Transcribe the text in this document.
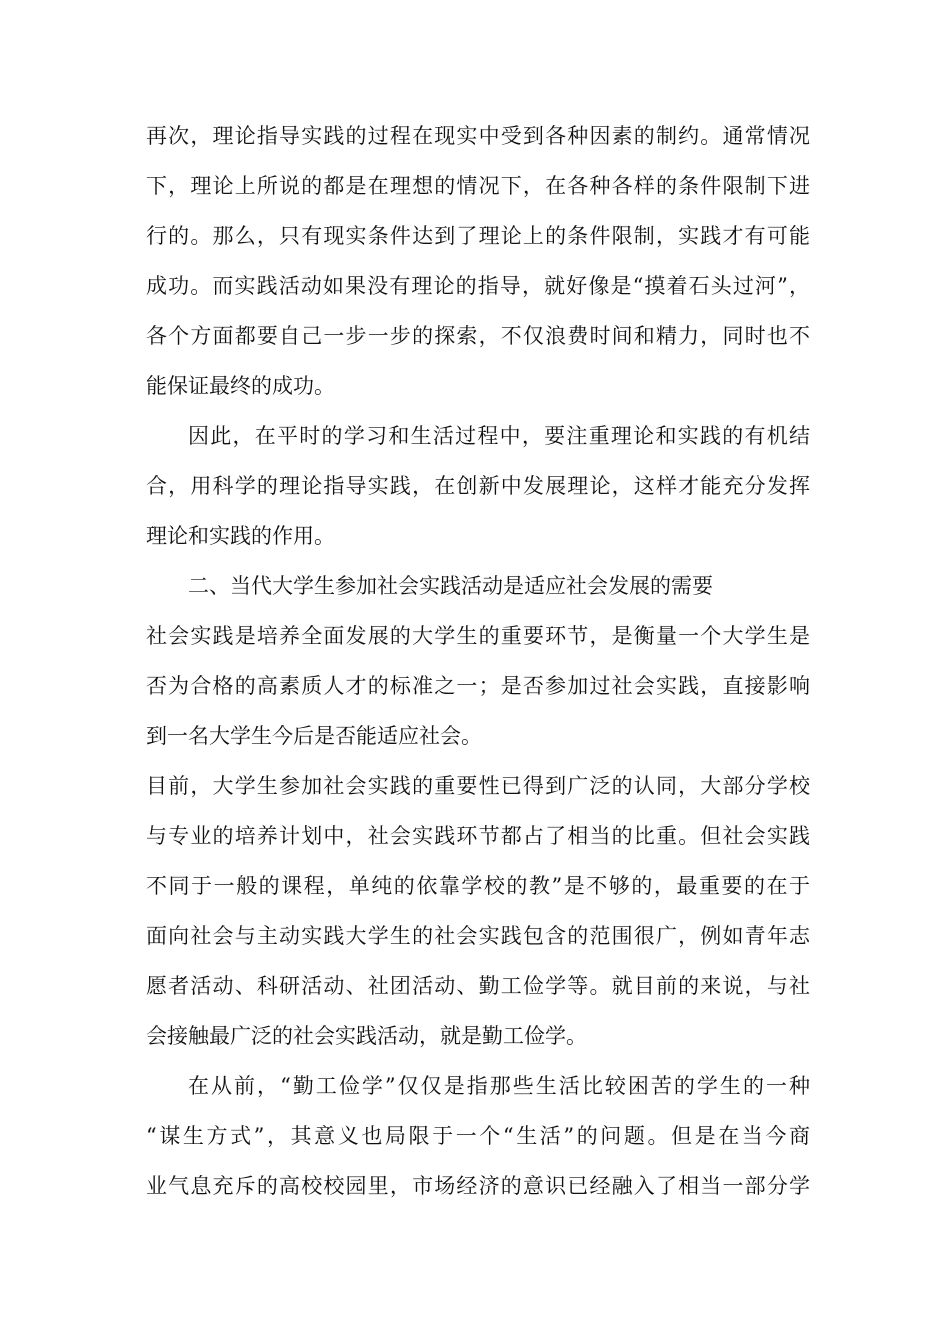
再次，理论指导实践的过程在现实中受到各种因素的制约。通常情况
下，理论上所说的都是在理想的情况下，在各种各样的条件限制下进
行的。那么，只有现实条件达到了理论上的条件限制，实践才有可能
成功。而实践活动如果没有理论的指导，就好像是“摸着石头过河”，
各个方面都要自己一步一步的探索，不仅浪费时间和精力，同时也不
能保证最终的成功。
因此，在平时的学习和生活过程中，要注重理论和实践的有机结
合，用科学的理论指导实践，在创新中发展理论，这样才能充分发挥
理论和实践的作用。
二、当代大学生参加社会实践活动是适应社会发展的需要
社会实践是培养全面发展的大学生的重要环节，是衡量一个大学生是
否为合格的高素质人才的标准之一；是否参加过社会实践，直接影响
到一名大学生今后是否能适应社会。
目前，大学生参加社会实践的重要性已得到广泛的认同，大部分学校
与专业的培养计划中，社会实践环节都占了相当的比重。但社会实践
不同于一般的课程，单纯的依靠学校的教”是不够的，最重要的在于
面向社会与主动实践大学生的社会实践包含的范围很广，例如青年志
愿者活动、科研活动、社团活动、勤工俭学等。就目前的来说，与社
会接触最广泛的社会实践活动，就是勤工俭学。
在从前，“勤工俭学”仅仅是指那些生活比较困苦的学生的一种
“谋生方式”，其意义也局限于一个“生活”的问题。但是在当今商
业气息充斥的高校校园里，市场经济的意识已经融入了相当一部分学
